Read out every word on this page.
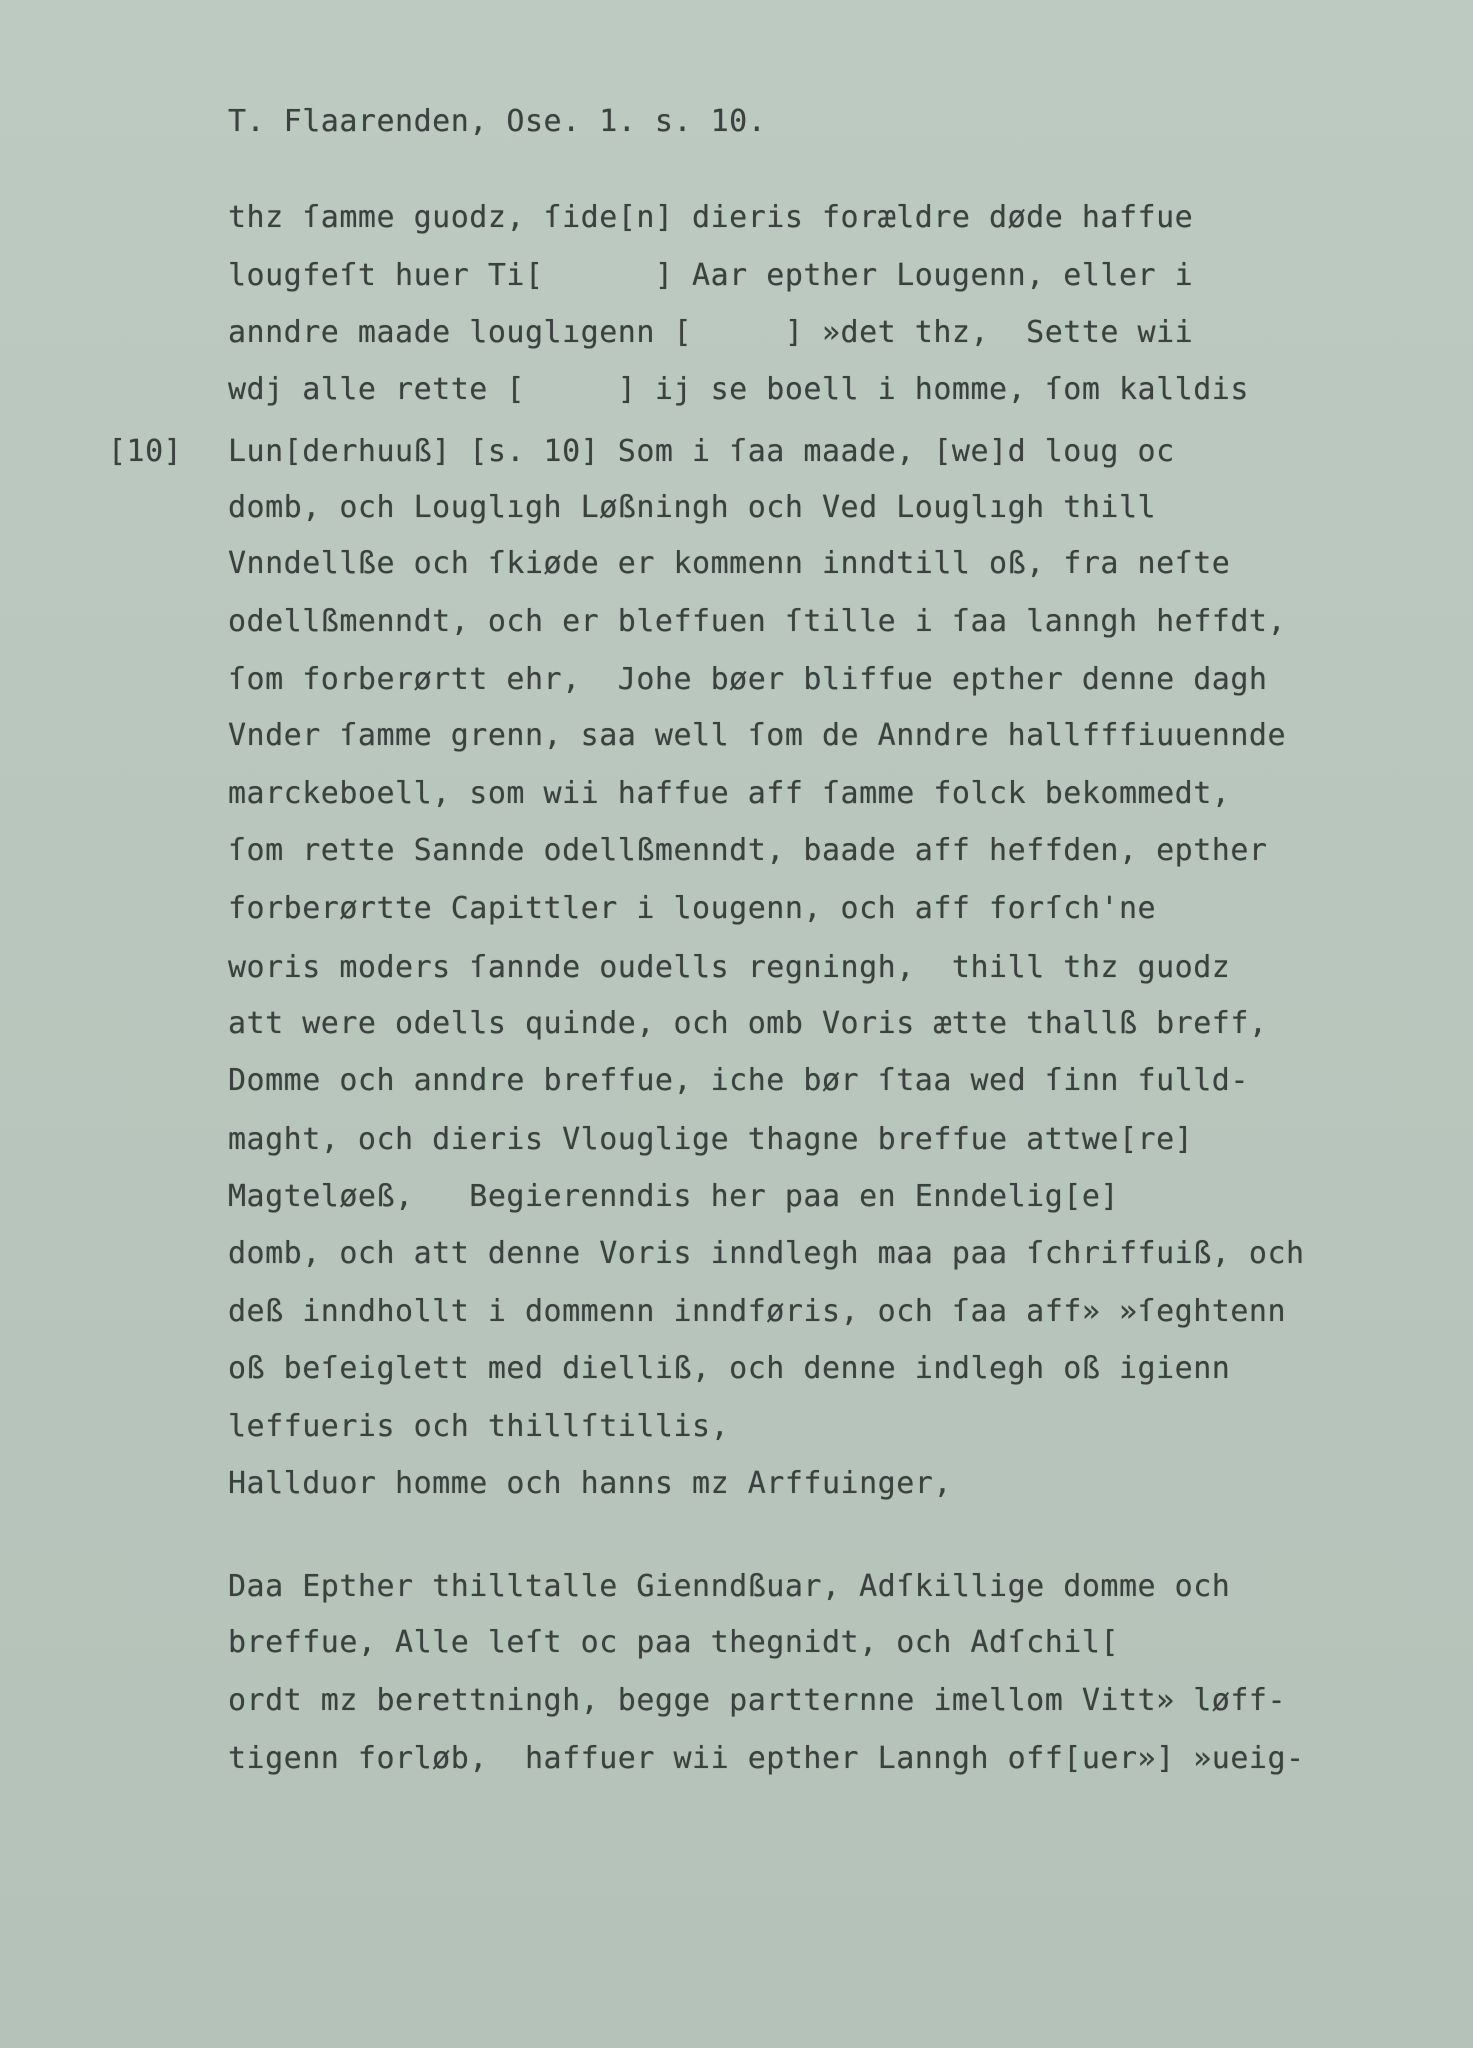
T. Flaarenden, Ose. 1. s. 10.
[10]
thz ſamme guodz, ſide[n] dieris forældre døde haffue
lougfeſt huer Ti[      ] Aar epther Lougenn, eller i
anndre maade louglıgenn [     ] »det thz,  Sette wii
wdj alle rette [     ] ij se boell i homme, ſom kalldis
Lun[derhuuß] [s. 10] Som i ſaa maade, [we]d loug oc
domb, och Louglıgh Løßningh och Ved Louglıgh thill
Vnndellße och ſkiøde er kommenn inndtill oß, fra neſte
odellßmenndt, och er bleffuen ſtille i ſaa lanngh heffdt,
ſom forberørtt ehr,  Johe bøer bliffue epther denne dagh
Vnder ſamme grenn, saa well ſom de Anndre hallfffiuuennde
marckeboell, som wii haffue aff ſamme folck bekommedt,
ſom rette Sannde odellßmenndt, baade aff heffden, epther
forberørtte Capittler i lougenn, och aff forſch'ne
woris moders ſannde oudells regningh,  thill thz guodz
att were odells quinde, och omb Voris ætte thallß breff,
Domme och anndre breffue, iche bør ſtaa wed ſinn fulld-
maght, och dieris Vlouglige thagne breffue attwe[re]
Magteløeß,   Begierenndis her paa en Enndelig[e]
domb, och att denne Voris inndlegh maa paa ſchriffuiß, och
deß inndhollt i dommenn inndføris, och ſaa aff» »ſeghtenn
oß beſeiglett med dielliß, och denne indlegh oß igienn
leffueris och thillſtillis,
Hallduor homme och hanns mz Arffuinger,
Daa Epther thilltalle Gienndßuar, Adſkillige domme och
breffue, Alle leſt oc paa thegnidt, och Adſchil[
ordt mz berettningh, begge partternne imellom Vitt» løff-
tigenn forløb,  haffuer wii epther Lanngh off[uer»] »ueig-
